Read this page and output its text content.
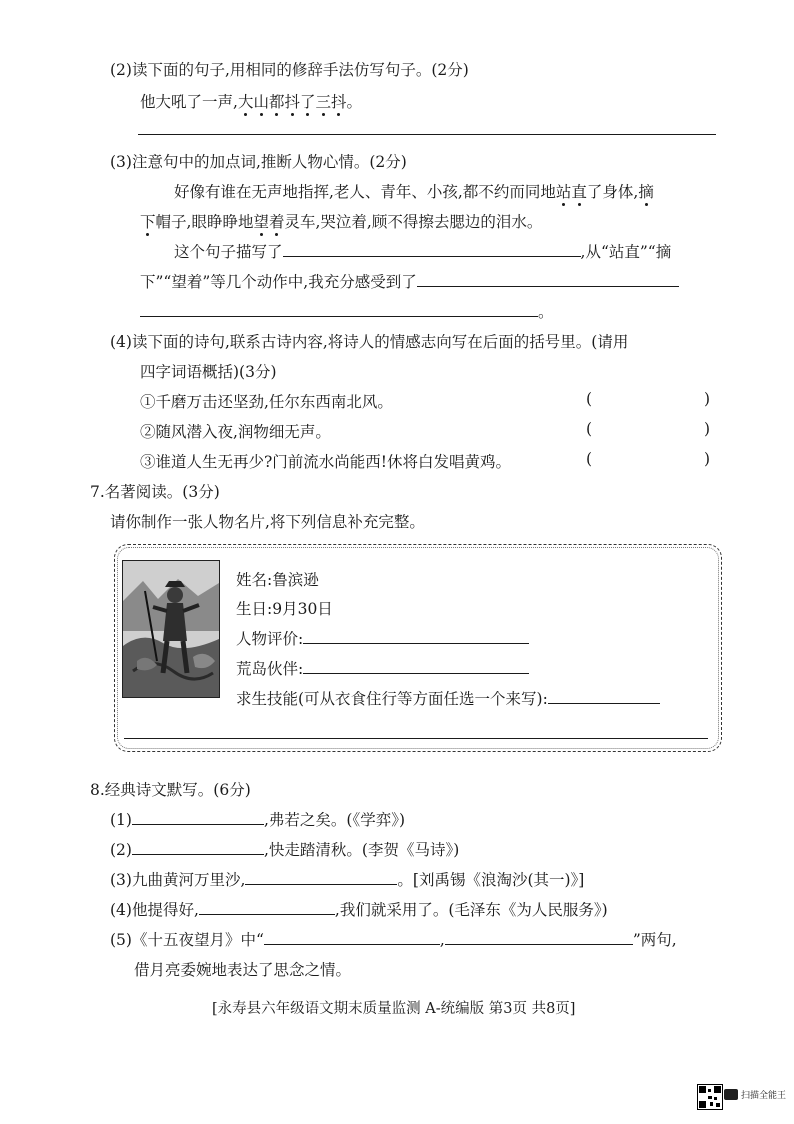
(2)读下面的句子,用相同的修辞手法仿写句子。(2分)
他大吼了一声,大山都抖了三抖。
(3)注意句中的加点词,推断人物心情。(2分)
好像有谁在无声地指挥,老人、青年、小孩,都不约而同地站直了身体,摘
下帽子,眼睁睁地望着灵车,哭泣着,顾不得擦去腮边的泪水。
这个句子描写了	,从“站直”“摘
下”“望着”等几个动作中,我充分感受到了
。
(4)读下面的诗句,联系古诗内容,将诗人的情感志向写在后面的括号里。(请用
四字词语概括)(3分)
①千磨万击还坚劲,任尔东西南北风。	(	)
②随风潜入夜,润物细无声。	(	)
③谁道人生无再少?门前流水尚能西!休将白发唱黄鸡。	(	)
7.名著阅读。(3分)
请你制作一张人物名片,将下列信息补充完整。
姓名:鲁滨逊
生日:9月30日
人物评价:
荒岛伙伴:
求生技能(可从衣食住行等方面任选一个来写):
8.经典诗文默写。(6分)
(1)	,弗若之矣。(《学弈》)
(2)	,快走踏清秋。(李贺《马诗》)
(3)九曲黄河万里沙,	。[刘禹锡《浪淘沙(其一)》]
(4)他提得好,	,我们就采用了。(毛泽东《为人民服务》)
(5)《十五夜望月》中“	,	”两句,
借月亮委婉地表达了思念之情。
[永寿县六年级语文期末质量监测 A-统编版 第3页 共8页]
扫描全能王
